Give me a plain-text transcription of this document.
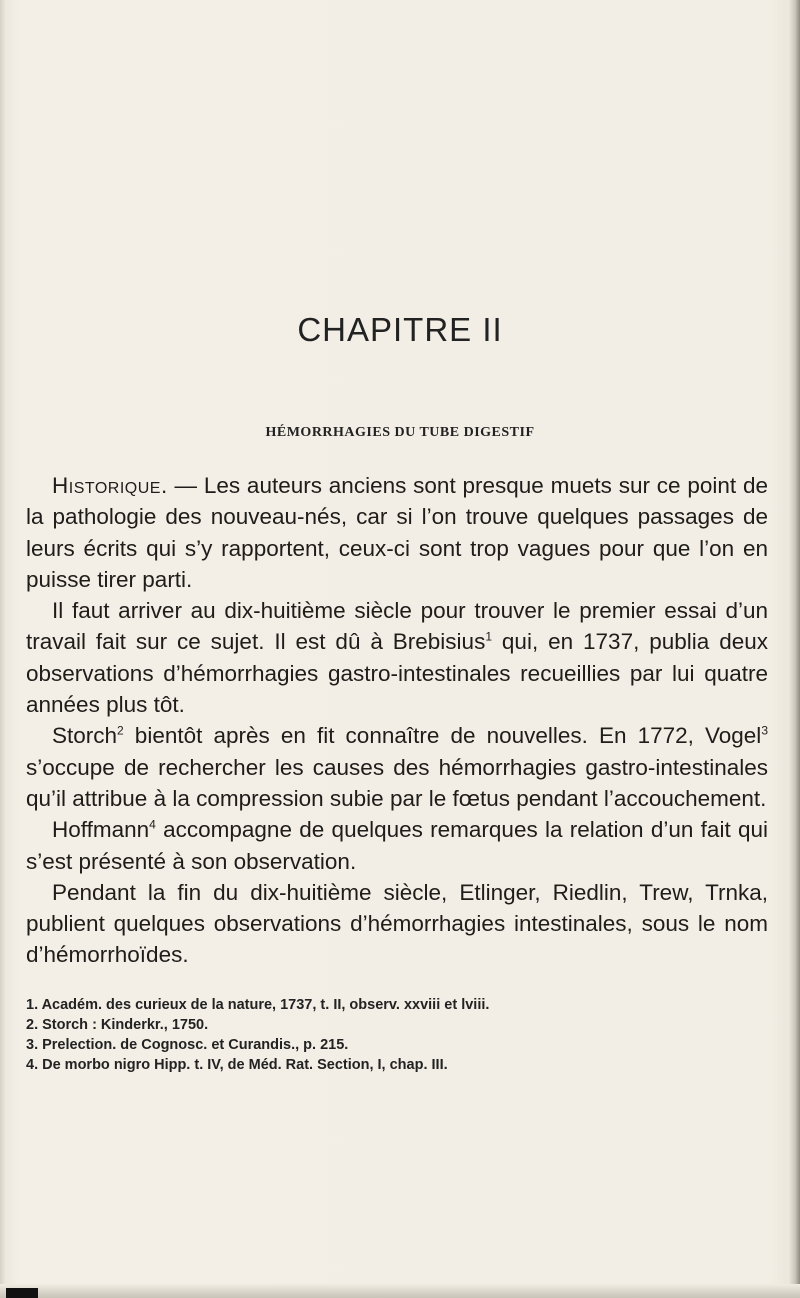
CHAPITRE II
HÉMORRHAGIES DU TUBE DIGESTIF

Historique. — Les auteurs anciens sont presque muets sur ce point de la pathologie des nouveau-nés, car si l’on trouve quelques passages de leurs écrits qui s’y rapportent, ceux-ci sont trop vagues pour que l’on en puisse tirer parti.

Il faut arriver au dix-huitième siècle pour trouver le premier essai d’un travail fait sur ce sujet. Il est dû à Brebisius$^1$ qui, en 1737, publia deux observations d’hémorrhagies gastro-intestinales recueillies par lui quatre années plus tôt.

Storch$^2$ bientôt après en fit connaître de nouvelles. En 1772, Vogel$^3$ s’occupe de rechercher les causes des hémorrhagies gastro-intestinales qu’il attribue à la compression subie par le fœtus pendant l’accouchement.

Hoffmann$^4$ accompagne de quelques remarques la relation d’un fait qui s’est présenté à son observation.

Pendant la fin du dix-huitième siècle, Etlinger, Riedlin, Trew, Trnka, publient quelques observations d’hémorrhagies intestinales, sous le nom d’hémorrhoïdes.

1. Académ. des curieux de la nature, 1737, t. II, observ. xxviii et lviii.
2. Storch : Kinderkr., 1750.
3. Prelection. de Cognosc. et Curandis., p. 215.
4. De morbo nigro Hipp. t. IV, de Méd. Rat. Section, I, chap. III.
